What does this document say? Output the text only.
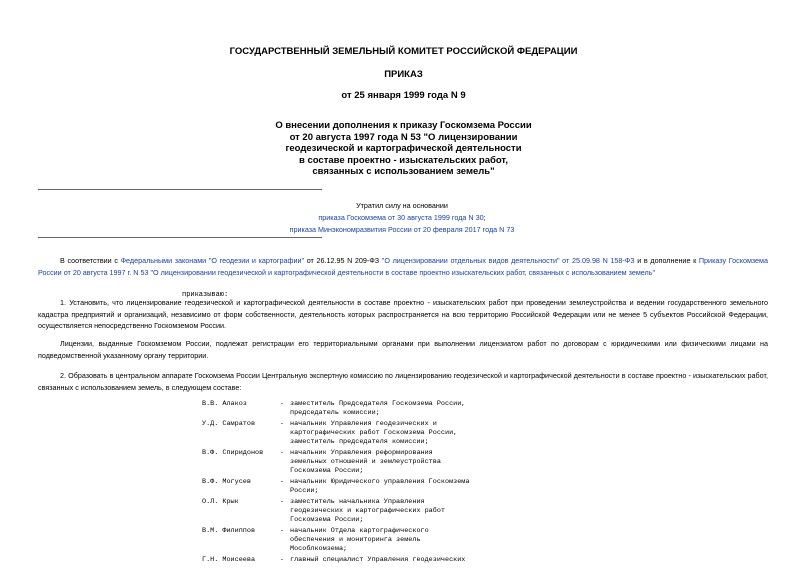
ГОСУДАРСТВЕННЫЙ ЗЕМЕЛЬНЫЙ КОМИТЕТ РОССИЙСКОЙ ФЕДЕРАЦИИ
ПРИКАЗ
от 25 января 1999 года N 9
О внесении дополнения к приказу Госкомзема России
от 20 августа 1997 года N 53 "О лицензировании
геодезической и картографической деятельности
в составе проектно - изыскательских работ,
связанных с использованием земель"
Утратил силу на основании
приказа Госкомзема от 30 августа 1999 года N 30;
приказа Минэкономразвития России от 20 февраля 2017 года N 73
В соответствии с Федеральными законами "О геодезии и картографии" от 26.12.95 N 209-ФЗ "О лицензировании отдельных видов деятельности" от 25.09.98 N 158-ФЗ и в дополнение к Приказу Госкомзема России от 20 августа 1997 г. N 53 "О лицензировании геодезической и картографической деятельности в составе проектно изыскательских работ, связанных с использованием земель"
приказываю:
1. Установить, что лицензирование геодезической и картографической деятельности в составе проектно - изыскательских работ при проведении землеустройства и ведении государственного земельного кадастра предприятий и организаций, независимо от форм собственности, деятельность которых распространяется на всю территорию Российской Федерации или не менее 5 субъектов Российской Федерации, осуществляется непосредственно Госкомземом России.
Лицензии, выданные Госкомземом России, подлежат регистрации его территориальными органами при выполнении лицензиатом работ по договорам с юридическими или физическими лицами на подведомственной указанному органу территории.
2. Образовать в центральном аппарате Госкомзема России Центральную экспертную комиссию по лицензированию геодезической и картографической деятельности в составе проектно - изыскательских работ, связанных с использованием земель, в следующем составе:
В.В. Алакоз	-	заместитель Председателя Госкомзема России,
		председатель комиссии;
У.Д. Самратов	-	начальник Управления геодезических и
		картографических работ Госкомзема России,
		заместитель председателя комиссии;
В.Ф. Спиридонов	-	начальник Управления реформирования
		земельных отношений и землеустройства
		Госкомзема России;
В.Ф. Могусев	-	начальник Юридического управления Госкомзема
		России;
О.Л. Крык	-	заместитель начальника Управления
		геодезических и картографических работ
		Госкомзема России;
В.М. Филиппов	-	начальник Отдела картографического
		обеспечения и мониторинга земель
		Мособлкомзема;
Г.Н. Моисеева	-	главный специалист Управления геодезических
